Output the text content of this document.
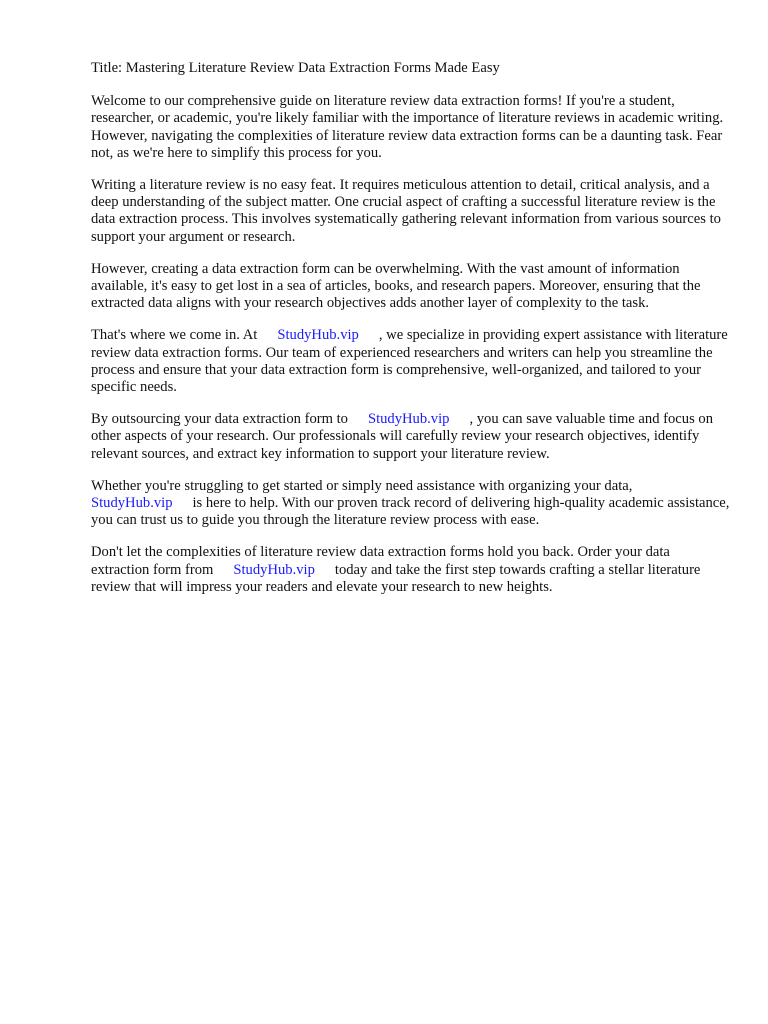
Title: Mastering Literature Review Data Extraction Forms Made Easy

Welcome to our comprehensive guide on literature review data extraction forms! If you're a student, researcher, or academic, you're likely familiar with the importance of literature reviews in academic writing. However, navigating the complexities of literature review data extraction forms can be a daunting task. Fear not, as we're here to simplify this process for you.

Writing a literature review is no easy feat. It requires meticulous attention to detail, critical analysis, and a deep understanding of the subject matter. One crucial aspect of crafting a successful literature review is the data extraction process. This involves systematically gathering relevant information from various sources to support your argument or research.

However, creating a data extraction form can be overwhelming. With the vast amount of information available, it's easy to get lost in a sea of articles, books, and research papers. Moreover, ensuring that the extracted data aligns with your research objectives adds another layer of complexity to the task.

That's where we come in. At StudyHub.vip , we specialize in providing expert assistance with literature review data extraction forms. Our team of experienced researchers and writers can help you streamline the process and ensure that your data extraction form is comprehensive, well-organized, and tailored to your specific needs.

By outsourcing your data extraction form to StudyHub.vip , you can save valuable time and focus on other aspects of your research. Our professionals will carefully review your research objectives, identify relevant sources, and extract key information to support your literature review.

Whether you're struggling to get started or simply need assistance with organizing your data, StudyHub.vip is here to help. With our proven track record of delivering high-quality academic assistance, you can trust us to guide you through the literature review process with ease.

Don't let the complexities of literature review data extraction forms hold you back. Order your data extraction form from StudyHub.vip today and take the first step towards crafting a stellar literature review that will impress your readers and elevate your research to new heights.
